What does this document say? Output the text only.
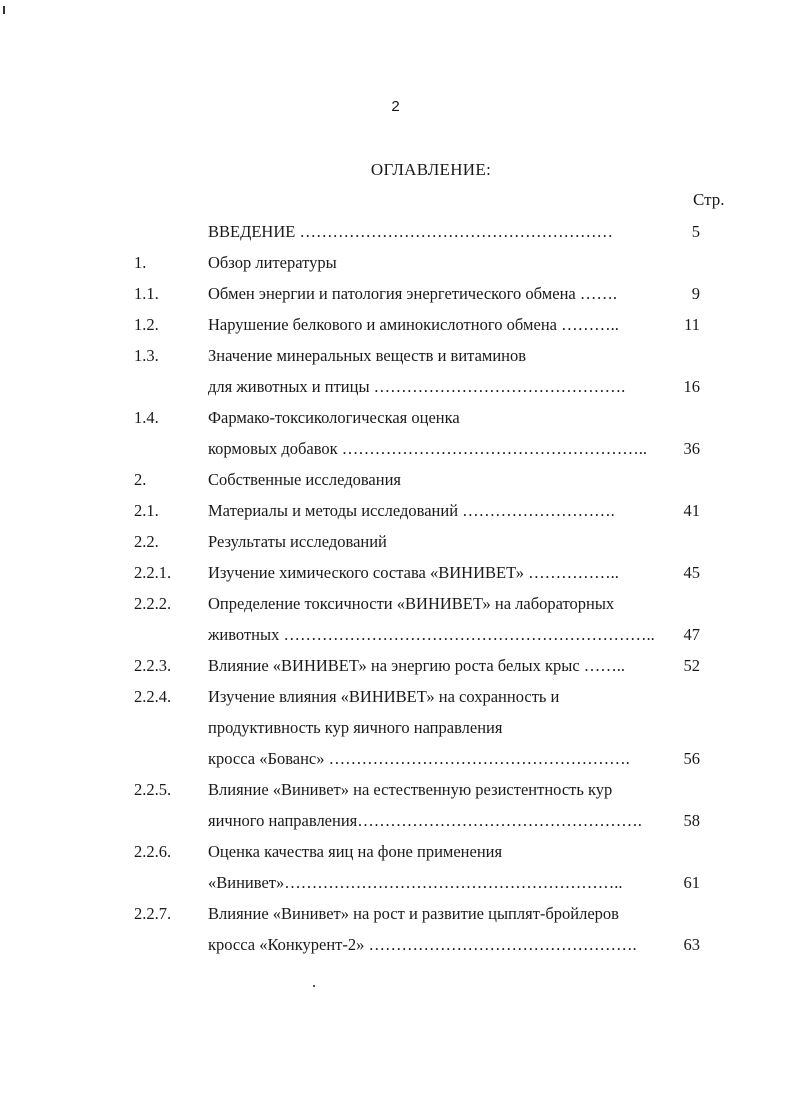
2
ОГЛАВЛЕНИЕ:
Стр.
ВВЕДЕНИЕ …………………………………………………	5
1.	Обзор литературы
1.1.	Обмен энергии и патология энергетического обмена …….	9
1.2.	Нарушение белкового и аминокислотного обмена ………..	11
1.3.	Значение минеральных веществ и витаминов
для животных и птицы ……………………………………….	16
1.4.	Фармако-токсикологическая оценка
кормовых добавок ………………………………………………..	36
2.	Собственные исследования
2.1.	Материалы и методы исследований ……………………….	41
2.2.	Результаты исследований
2.2.1. Изучение химического состава «ВИНИВЕТ» ……………..	45
2.2.2. Определение токсичности «ВИНИВЕТ» на лабораторных
животных …………………………………………………………..	47
2.2.3. Влияние «ВИНИВЕТ» на энергию роста белых крыс ……..	52
2.2.4. Изучение влияния «ВИНИВЕТ» на сохранность и
продуктивность кур яичного направления
кросса «Бованс» ……………………………………………….	56
2.2.5. Влияние «Винивет» на естественную резистентность кур
яичного направления…………………………………………….	58
2.2.6. Оценка качества яиц на фоне применения
«Винивет»……………………………………………………..	61
2.2.7. Влияние «Винивет» на рост и развитие цыплят-бройлеров
кросса «Конкурент-2» ………………………………………….	63
